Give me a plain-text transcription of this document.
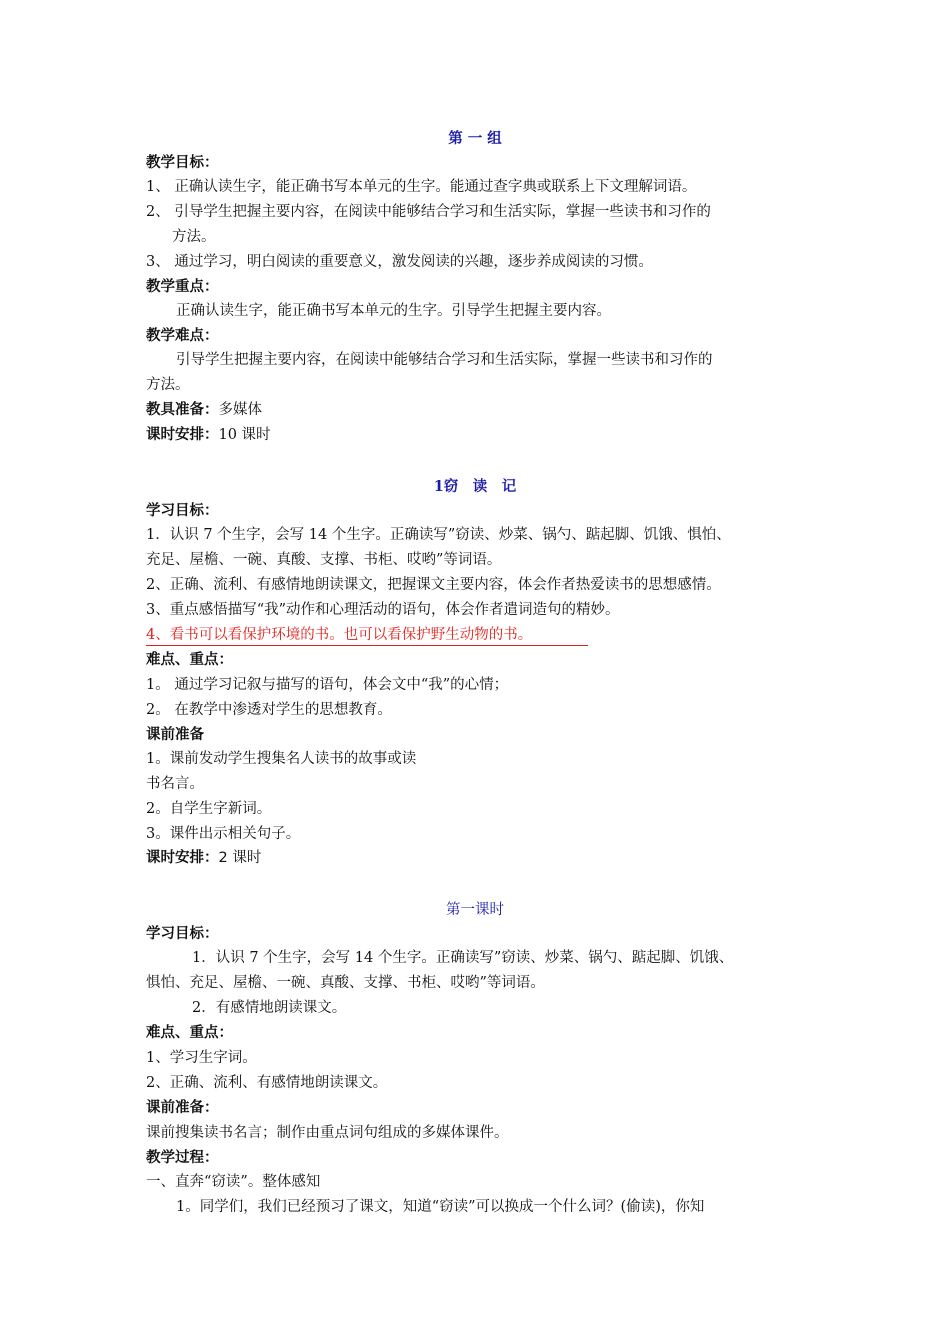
第 一 组
教学目标：
1、 正确认读生字，能正确书写本单元的生字。能通过查字典或联系上下文理解词语。
2、 引导学生把握主要内容，在阅读中能够结合学习和生活实际，掌握一些读书和习作的
方法。
3、 通过学习，明白阅读的重要意义，激发阅读的兴趣，逐步养成阅读的习惯。
教学重点：
正确认读生字，能正确书写本单元的生字。引导学生把握主要内容。
教学难点：
引导学生把握主要内容，在阅读中能够结合学习和生活实际，掌握一些读书和习作的
方法。
教具准备：多媒体
课时安排：10 课时
1窃　读　记
学习目标：
1．认识 7 个生字，会写 14 个生字。正确读写”窃读、炒菜、锅勺、踮起脚、饥饿、惧怕、
充足、屋檐、一碗、真酸、支撑、书柜、哎哟”等词语。
2、正确、流利、有感情地朗读课文，把握课文主要内容，体会作者热爱读书的思想感情。
3、重点感悟描写“我”动作和心理活动的语句，体会作者遣词造句的精妙。
4、看书可以看保护环境的书。也可以看保护野生动物的书。
难点、重点：
1。 通过学习记叙与描写的语句，体会文中“我”的心情；
2。 在教学中渗透对学生的思想教育。
课前准备
1。课前发动学生搜集名人读书的故事或读
书名言。
2。自学生字新词。
3。课件出示相关句子。
课时安排：2 课时
第一课时
学习目标：
1．认识 7 个生字，会写 14 个生字。正确读写”窃读、炒菜、锅勺、踮起脚、饥饿、
惧怕、充足、屋檐、一碗、真酸、支撑、书柜、哎哟”等词语。
2．有感情地朗读课文。
难点、重点：
1、学习生字词。
2、正确、流利、有感情地朗读课文。
课前准备：
课前搜集读书名言；制作由重点词句组成的多媒体课件。
教学过程：
一、直奔“窃读”。整体感知
1。同学们，我们已经预习了课文，知道“窃读”可以换成一个什么词？(偷读)，你知
